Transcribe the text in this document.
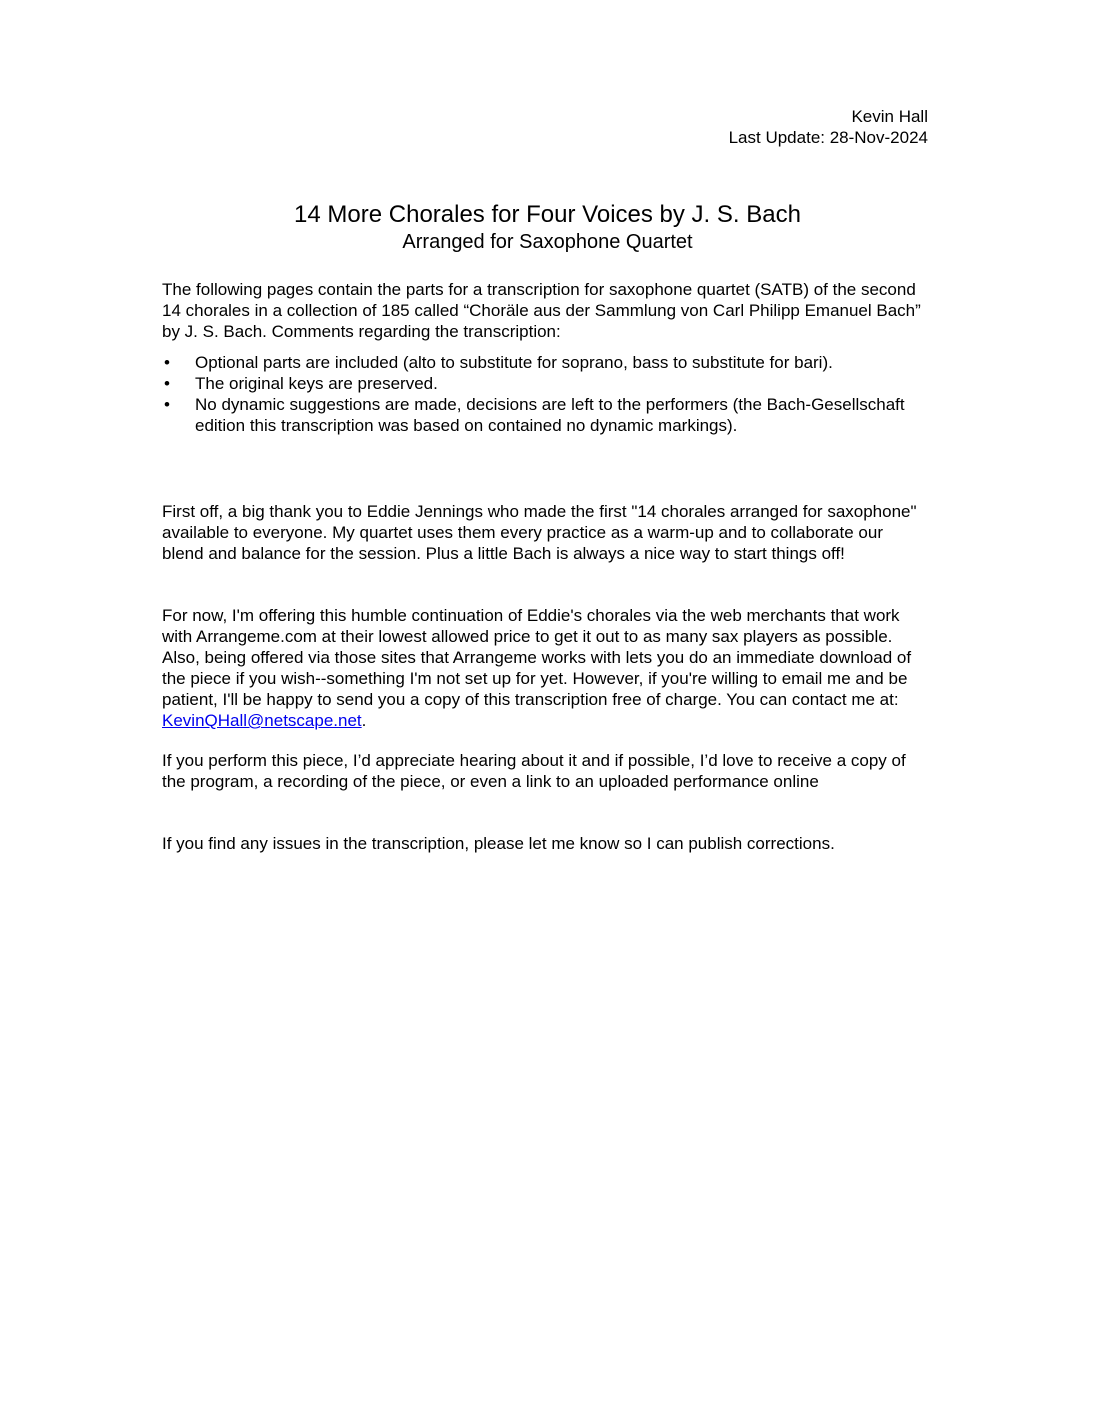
Kevin Hall
Last Update: 28-Nov-2024
14 More Chorales for Four Voices by J. S. Bach
Arranged for Saxophone Quartet

The following pages contain the parts for a transcription for saxophone quartet (SATB) of the second 14 chorales in a collection of 185 called “Choräle aus der Sammlung von Carl Philipp Emanuel Bach” by J. S. Bach. Comments regarding the transcription:

• Optional parts are included (alto to substitute for soprano, bass to substitute for bari).
• The original keys are preserved.
• No dynamic suggestions are made, decisions are left to the performers (the Bach-Gesellschaft edition this transcription was based on contained no dynamic markings).

First off, a big thank you to Eddie Jennings who made the first "14 chorales arranged for saxophone" available to everyone. My quartet uses them every practice as a warm-up and to collaborate our blend and balance for the session. Plus a little Bach is always a nice way to start things off!

For now, I'm offering this humble continuation of Eddie's chorales via the web merchants that work with Arrangeme.com at their lowest allowed price to get it out to as many sax players as possible. Also, being offered via those sites that Arrangeme works with lets you do an immediate download of the piece if you wish--something I'm not set up for yet. However, if you're willing to email me and be patient, I'll be happy to send you a copy of this transcription free of charge. You can contact me at: KevinQHall@netscape.net.

If you perform this piece, I’d appreciate hearing about it and if possible, I’d love to receive a copy of the program, a recording of the piece, or even a link to an uploaded performance online

If you find any issues in the transcription, please let me know so I can publish corrections.
